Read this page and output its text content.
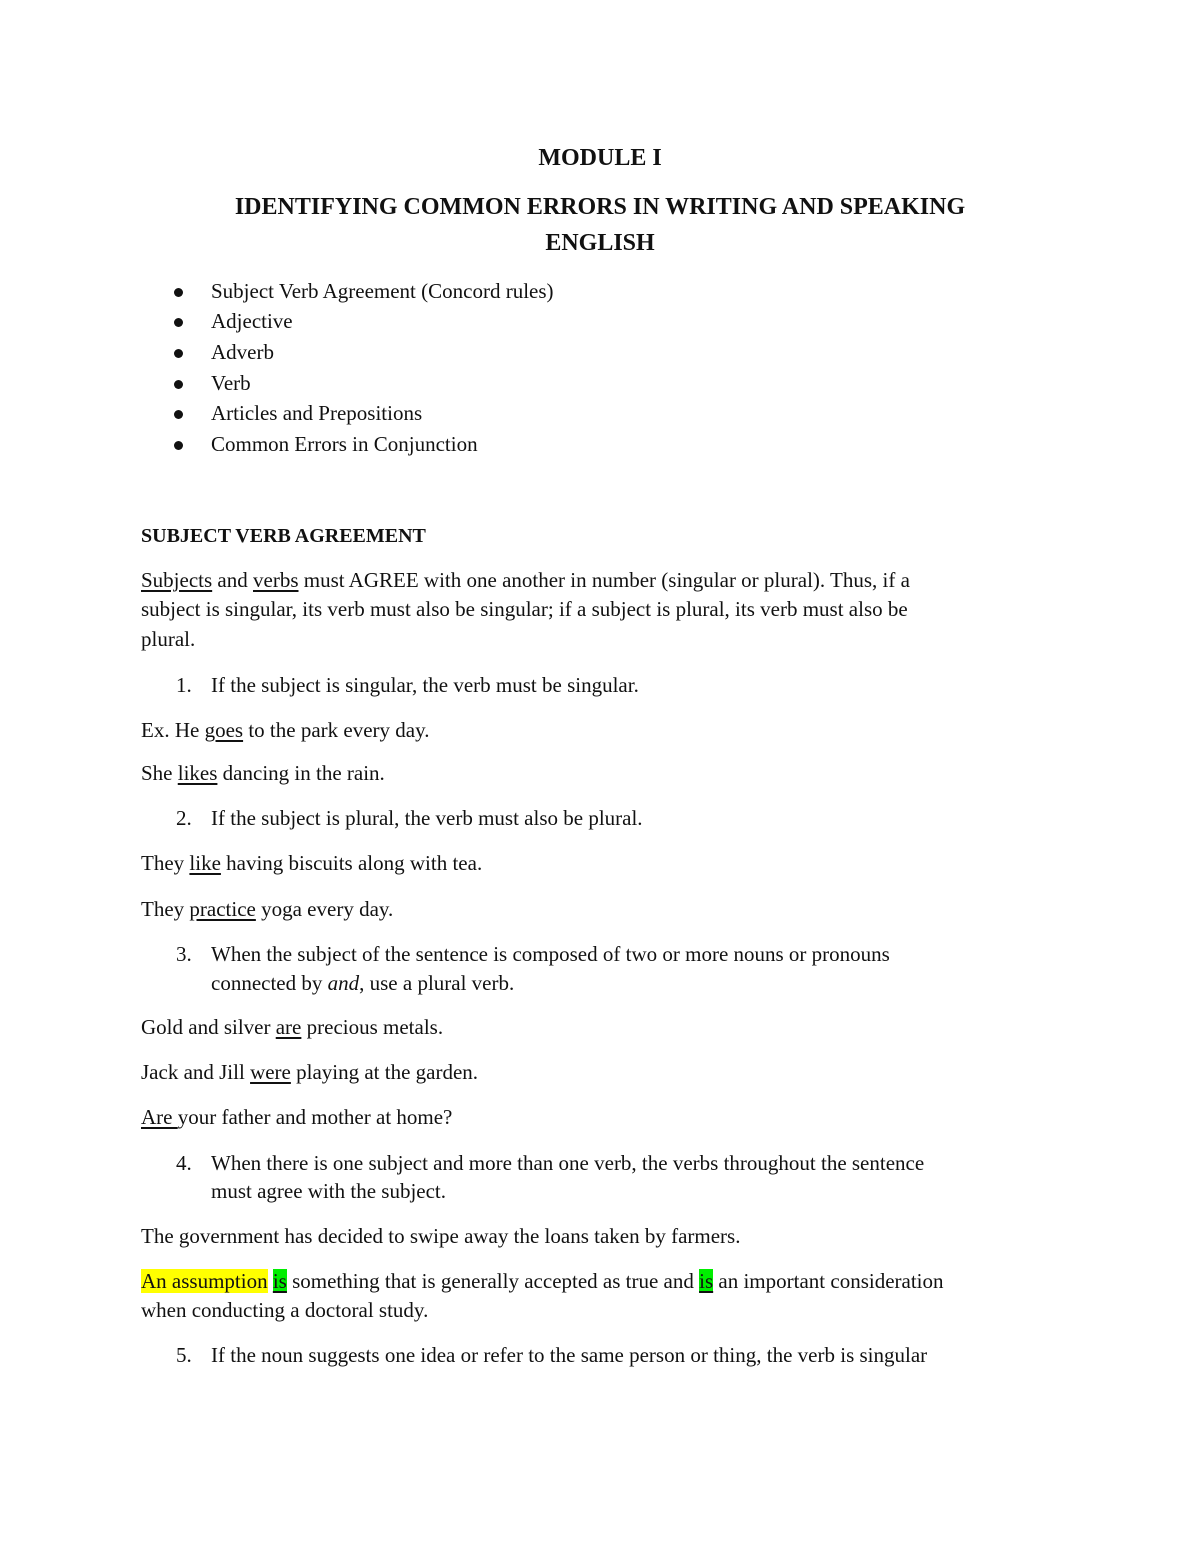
MODULE I
IDENTIFYING COMMON ERRORS IN WRITING AND SPEAKING
ENGLISH
Subject Verb Agreement (Concord rules)
Adjective
Adverb
Verb
Articles and Prepositions
Common Errors in Conjunction
SUBJECT VERB AGREEMENT

Subjects and verbs must AGREE with one another in number (singular or plural). Thus, if a

subject is singular, its verb must also be singular; if a subject is plural, its verb must also be

plural.

1. If the subject is singular, the verb must be singular.

Ex. He goes to the park every day.

She likes dancing in the rain.

2. If the subject is plural, the verb must also be plural.

They like having biscuits along with tea.

They practice yoga every day.

3. When the subject of the sentence is composed of two or more nouns or pronouns
connected by and, use a plural verb.

Gold and silver are precious metals.

Jack and Jill were playing at the garden.

Are your father and mother at home?

4. When there is one subject and more than one verb, the verbs throughout the sentence
must agree with the subject.

The government has decided to swipe away the loans taken by farmers.

An assumption is something that is generally accepted as true and is an important consideration

when conducting a doctoral study.

5. If the noun suggests one idea or refer to the same person or thing, the verb is singular
